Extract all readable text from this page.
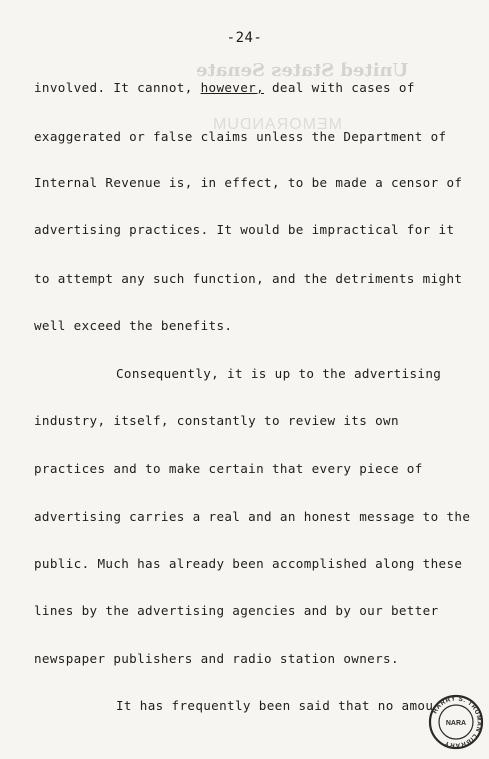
United States Senate
MEMORANDUM
-24-
involved. It cannot, however, deal with cases of
exaggerated or false claims unless the Department of
Internal Revenue is, in effect, to be made a censor of
advertising practices. It would be impractical for it
to attempt any such function, and the detriments might
well exceed the benefits.
Consequently, it is up to the advertising
industry, itself, constantly to review its own
practices and to make certain that every piece of
advertising carries a real and an honest message to the
public. Much has already been accomplished along these
lines by the advertising agencies and by our better
newspaper publishers and radio station owners.
It has frequently been said that no amou
HARRY S. TRUMAN LIBRARY
NARA
